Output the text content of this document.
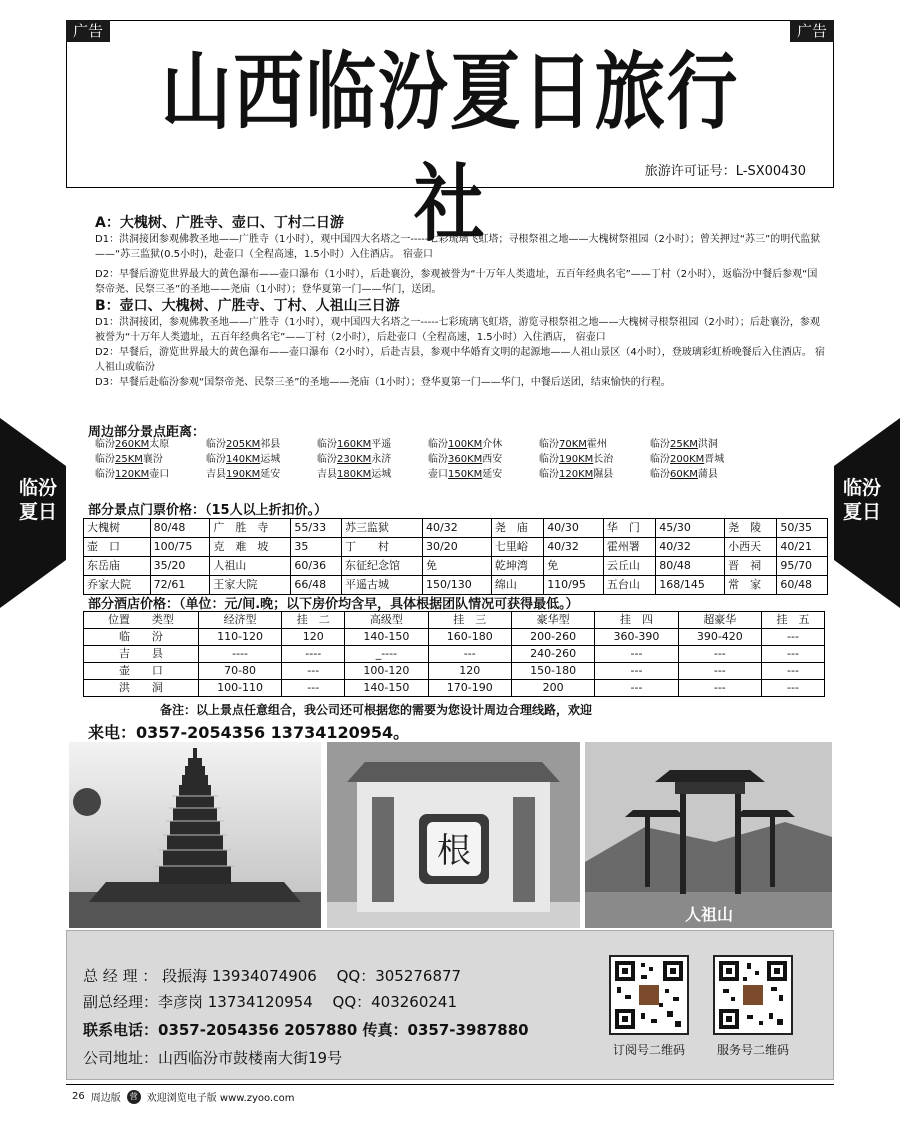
广告	广告
山西临汾夏日旅行社	旅游许可证号：L-SX00430
临汾
夏日
临汾
夏日
A：大槐树、广胜寺、壶口、丁村二日游
D1：洪洞接团参观佛教圣地——广胜寺（1小时），观中国四大名塔之一-----七彩琉璃飞虹塔；寻根祭祖之地——大槐树祭祖园（2小时）；曾关押过“苏三”的明代监狱——“苏三监狱(0.5小时)，赴壶口（全程高速，1.5小时）入住酒店。 宿壶口
D2：早餐后游览世界最大的黄色瀑布——壶口瀑布（1小时），后赴襄汾，参观被誉为“十万年人类遗址，五百年经典名宅”——丁村（2小时），返临汾中餐后参观“国祭帝尧、民祭三圣”的圣地——尧庙（1小时）；登华夏第一门——华门，送团。
B：壶口、大槐树、广胜寺、丁村、人祖山三日游
D1：洪洞接团，参观佛教圣地——广胜寺（1小时），观中国四大名塔之一-----七彩琉璃飞虹塔，游览寻根祭祖之地——大槐树寻根祭祖园（2小时）；后赴襄汾，参观被誉为“十万年人类遗址，五百年经典名宅”——丁村（2小时），后赴壶口（全程高速，1.5小时）入住酒店， 宿壶口
D2：早餐后，游览世界最大的黄色瀑布——壶口瀑布（2小时），后赴吉县，参观中华婚育文明的起源地——人祖山景区（4小时），登玻璃彩虹桥晚餐后入住酒店。 宿人祖山或临汾
D3：早餐后赴临汾参观“国祭帝尧、民祭三圣”的圣地——尧庙（1小时）；登华夏第一门——华门，中餐后送团，结束愉快的行程。
周边部分景点距离：
临汾260KM太原	临汾205KM祁县	临汾160KM平遥	临汾100KM介休	临汾70KM霍州	临汾25KM洪洞
临汾25KM襄汾	临汾140KM运城	临汾230KM永济	临汾360KM西安	临汾190KM长治	临汾200KM晋城
临汾120KM壶口	吉县190KM延安	吉县180KM运城	壶口150KM延安	临汾120KM隰县	临汾60KM蒲县
部分景点门票价格：（15人以上折扣价。）
大槐树	80/48	广　胜　寺	55/33	苏三监狱	40/32	尧　庙	40/30	华　门	45/30	尧　陵	50/35
壶　口	100/75	克　难　坡	35	丁　　村	30/20	七里峪	40/32	霍州署	40/32	小西天	40/21
东岳庙	35/20	人祖山	60/36	东征纪念馆	免	乾坤湾	免	云丘山	80/48	晋　祠	95/70
乔家大院	72/61	王家大院	66/48	平遥古城	150/130	绵山	110/95	五台山	168/145	常　家	60/48
部分酒店价格：（单位：元/间.晚；以下房价均含早，具体根据团队情况可获得最低。）
位置　　类型	经济型	挂　二	高级型	挂　三	豪华型	挂　四	超豪华	挂　五
临　　汾	110-120	120	140-150	160-180	200-260	360-390	390-420	---
吉　　县	----	----	_----	---	240-260	---	---	---
壶　　口	70-80	---	100-120	120	150-180	---	---	---
洪　　洞	100-110	---	140-150	170-190	200	---	---	---
备注：以上景点任意组合，我公司还可根据您的需要为您设计周边合理线路，欢迎
来电：0357-2054356 13734120954。
根
人祖山
总 经 理 ： 段振海 13934074906　 QQ：305276877
副总经理：李彦岗 13734120954　 QQ：403260241
联系电话：0357-2054356 2057880 传真：0357-3987880
公司地址：山西临汾市鼓楼南大街19号	订阅号二维码	服务号二维码
26 周边版	营 欢迎浏览电子版 www.zyoo.com
